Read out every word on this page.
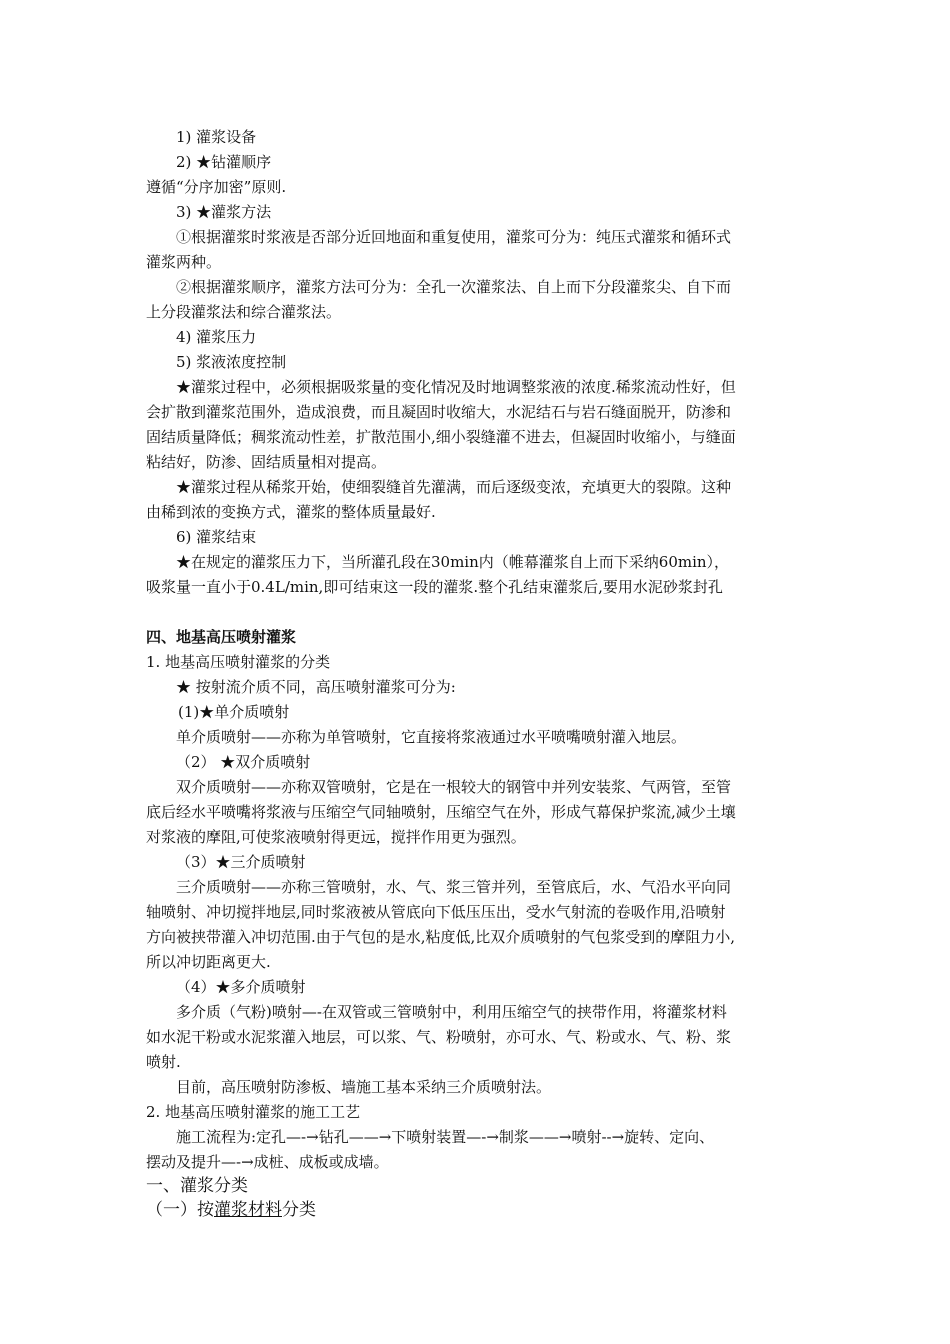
1) 灌浆设备
2) ★钻灌顺序
遵循“分序加密”原则.
3) ★灌浆方法
①根据灌浆时浆液是否部分近回地面和重复使用，灌浆可分为：纯压式灌浆和循环式
灌浆两种。
②根据灌浆顺序，灌浆方法可分为：全孔一次灌浆法、自上而下分段灌浆尖、自下而
上分段灌浆法和综合灌浆法。
4) 灌浆压力
5) 浆液浓度控制
★灌浆过程中，必须根据吸浆量的变化情况及时地调整浆液的浓度.稀浆流动性好，但
会扩散到灌浆范围外，造成浪费，而且凝固时收缩大，水泥结石与岩石缝面脱开，防渗和
固结质量降低；稠浆流动性差，扩散范围小,细小裂缝灌不进去，但凝固时收缩小，与缝面
粘结好，防渗、固结质量相对提高。
★灌浆过程从稀浆开始，使细裂缝首先灌满，而后逐级变浓，充填更大的裂隙。这种
由稀到浓的变换方式，灌浆的整体质量最好.
6) 灌浆结束
★在规定的灌浆压力下，当所灌孔段在30min内（帷幕灌浆自上而下采纳60min），
吸浆量一直小于0.4L/min,即可结束这一段的灌浆.整个孔结束灌浆后,要用水泥砂浆封孔
四、地基高压喷射灌浆
1. 地基高压喷射灌浆的分类
★ 按射流介质不同，高压喷射灌浆可分为:
(1)★单介质喷射
单介质喷射——亦称为单管喷射，它直接将浆液通过水平喷嘴喷射灌入地层。
（2） ★双介质喷射
双介质喷射——亦称双管喷射，它是在一根较大的钢管中并列安装浆、气两管，至管
底后经水平喷嘴将浆液与压缩空气同轴喷射，压缩空气在外，形成气幕保护浆流,减少土壤
对浆液的摩阻,可使浆液喷射得更远，搅拌作用更为强烈。
（3）★三介质喷射
三介质喷射——亦称三管喷射，水、气、浆三管并列，至管底后，水、气沿水平向同
轴喷射、冲切搅拌地层,同时浆液被从管底向下低压压出，受水气射流的卷吸作用,沿喷射
方向被挟带灌入冲切范围.由于气包的是水,粘度低,比双介质喷射的气包浆受到的摩阻力小,
所以冲切距离更大.
（4）★多介质喷射
多介质（气粉)喷射—-在双管或三管喷射中，利用压缩空气的挟带作用，将灌浆材料
如水泥干粉或水泥浆灌入地层，可以浆、气、粉喷射，亦可水、气、粉或水、气、粉、浆
喷射.
目前，高压喷射防渗板、墙施工基本采纳三介质喷射法。
2. 地基高压喷射灌浆的施工工艺
施工流程为:定孔—-→钻孔——→下喷射装置—-→制浆——→喷射--→旋转、定向、
摆动及提升—-→成桩、成板或成墙。
一、灌浆分类
（一）按灌浆材料分类
